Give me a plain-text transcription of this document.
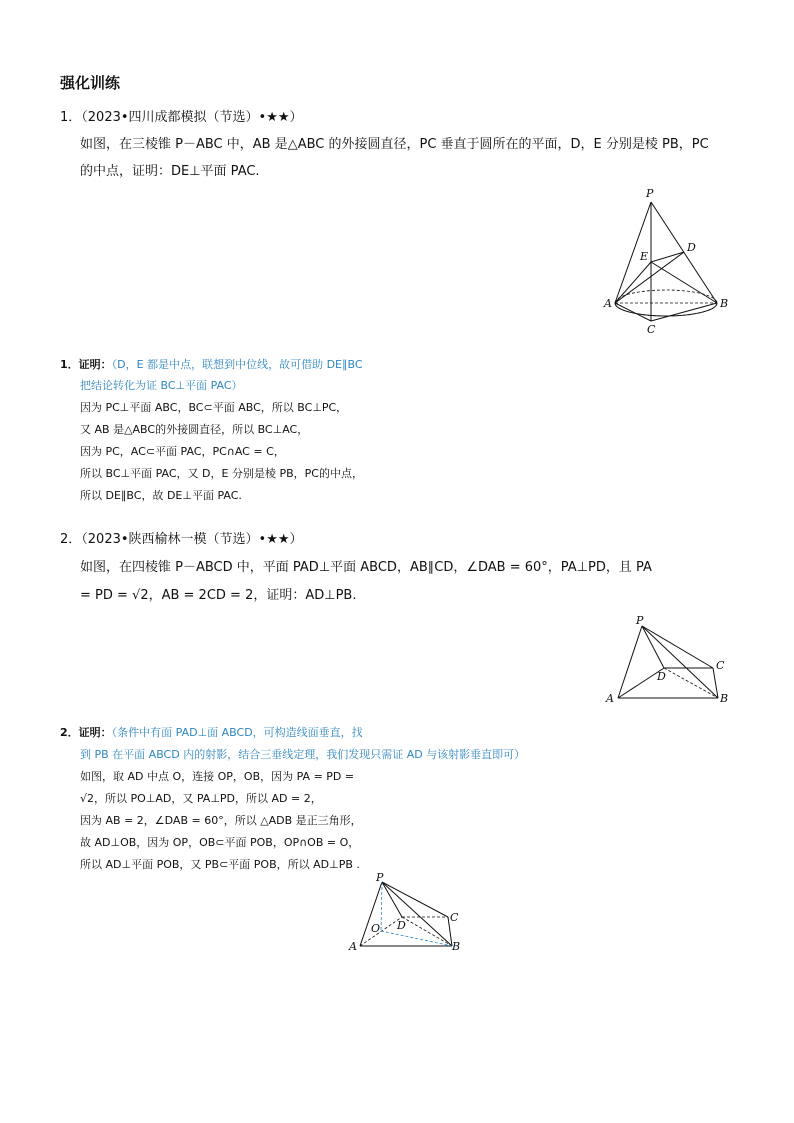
强化训练
1．（2023•四川成都模拟（节选）•★★）
如图，在三棱锥 P－ABC 中，AB 是△ABC 的外接圆直径，PC 垂直于圆所在的平面，D，E 分别是棱 PB，PC
的中点，证明：DE⊥平面 PAC.
P
D
E
A	B
C
1．证明：（D，E 都是中点，联想到中位线，故可借助 DE∥BC
把结论转化为证 BC⊥平面 PAC）
因为 PC⊥平面 ABC，BC⊂平面 ABC，所以 BC⊥PC，
又 AB 是△ABC的外接圆直径，所以 BC⊥AC，
因为 PC，AC⊂平面 PAC，PC∩AC = C，
所以 BC⊥平面 PAC，又 D，E 分别是棱 PB，PC的中点，
所以 DE∥BC，故 DE⊥平面 PAC.
2．（2023•陕西榆林一模（节选）•★★）
如图，在四棱锥 P－ABCD 中，平面 PAD⊥平面 ABCD，AB∥CD，∠DAB = 60°，PA⊥PD，且 PA
= PD = √2，AB = 2CD = 2，证明：AD⊥PB.
P
C
D
A	B
2．证明：（条件中有面 PAD⊥面 ABCD，可构造线面垂直，找
到 PB 在平面 ABCD 内的射影，结合三垂线定理，我们发现只需证 AD 与该射影垂直即可）
如图，取 AD 中点 O，连接 OP，OB，因为 PA = PD =
√2，所以 PO⊥AD，又 PA⊥PD，所以 AD = 2，
因为 AB = 2，∠DAB = 60°，所以 △ADB 是正三角形，
故 AD⊥OB，因为 OP，OB⊂平面 POB，OP∩OB = O，
所以 AD⊥平面 POB，又 PB⊂平面 POB，所以 AD⊥PB .
P
C
O D
A	B
